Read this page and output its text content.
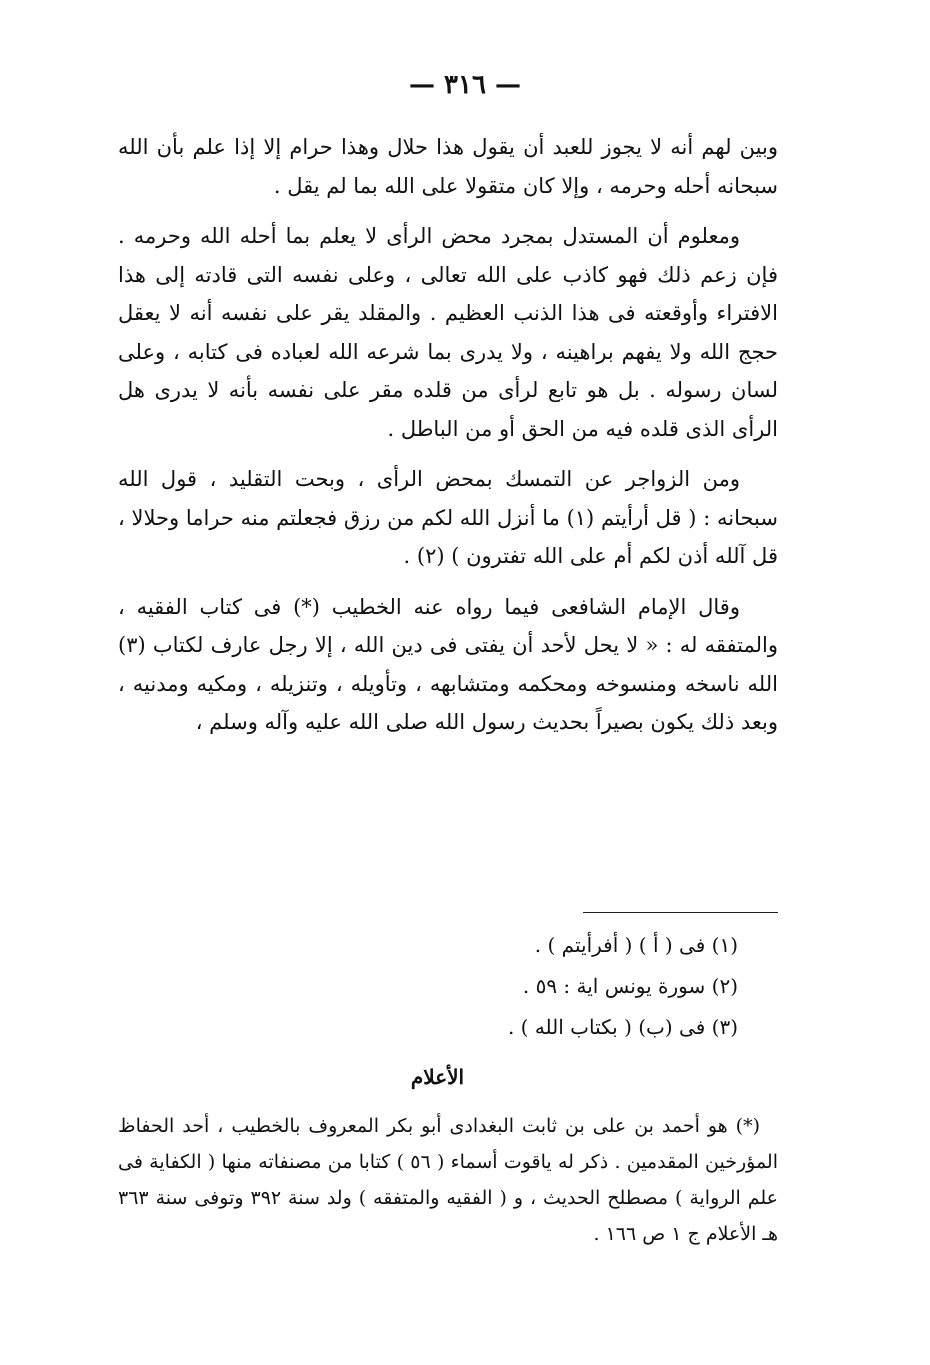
— ٣١٦ —

وبين لهم أنه لا يجوز للعبد أن يقول هذا حلال وهذا حرام إلا إذا علم بأن الله سبحانه أحله وحرمه ، وإلا كان متقولا على الله بما لم يقل .

ومعلوم أن المستدل بمجرد محض الرأى لا يعلم بما أحله الله وحرمه . فإن زعم ذلك فهو كاذب على الله تعالى ، وعلى نفسه التى قادته إلى هذا الافتراء وأوقعته فى هذا الذنب العظيم . والمقلد يقر على نفسه أنه لا يعقل حجج الله ولا يفهم براهينه ، ولا يدرى بما شرعه الله لعباده فى كتابه ، وعلى لسان رسوله . بل هو تابع لرأى من قلده مقر على نفسه بأنه لا يدرى هل الرأى الذى قلده فيه من الحق أو من الباطل .

ومن الزواجر عن التمسك بمحض الرأى ، وبحت التقليد ، قول الله سبحانه : ( قل أرأيتم (١) ما أنزل الله لكم من رزق فجعلتم منه حراما وحلالا ، قل آلله أذن لكم أم على الله تفترون ) (٢) .

وقال الإمام الشافعى فيما رواه عنه الخطيب (*) فى كتاب الفقيه ، والمتفقه له : « لا يحل لأحد أن يفتى فى دين الله ، إلا رجل عارف لكتاب (٣) الله ناسخه ومنسوخه ومحكمه ومتشابهه ، وتأويله ، وتنزيله ، ومكيه ومدنيه ، وبعد ذلك يكون بصيراً بحديث رسول الله صلى الله عليه وآله وسلم ،

(١) فى ( أ ) ( أفرأيتم ) .
(٢) سورة يونس اية : ٥٩ .
(٣) فى (ب) ( بكتاب الله ) .
الأعلام
(*) هو أحمد بن على بن ثابت البغدادى أبو بكر المعروف بالخطيب ، أحد الحفاظ المؤرخين المقدمين . ذكر له ياقوت أسماء ( ٥٦ ) كتابا من مصنفاته منها ( الكفاية فى علم الرواية ) مصطلح الحديث ، و ( الفقيه والمتفقه ) ولد سنة ٣٩٢ وتوفى سنة ٣٦٣ هـ الأعلام ج ١ ص ١٦٦ .
